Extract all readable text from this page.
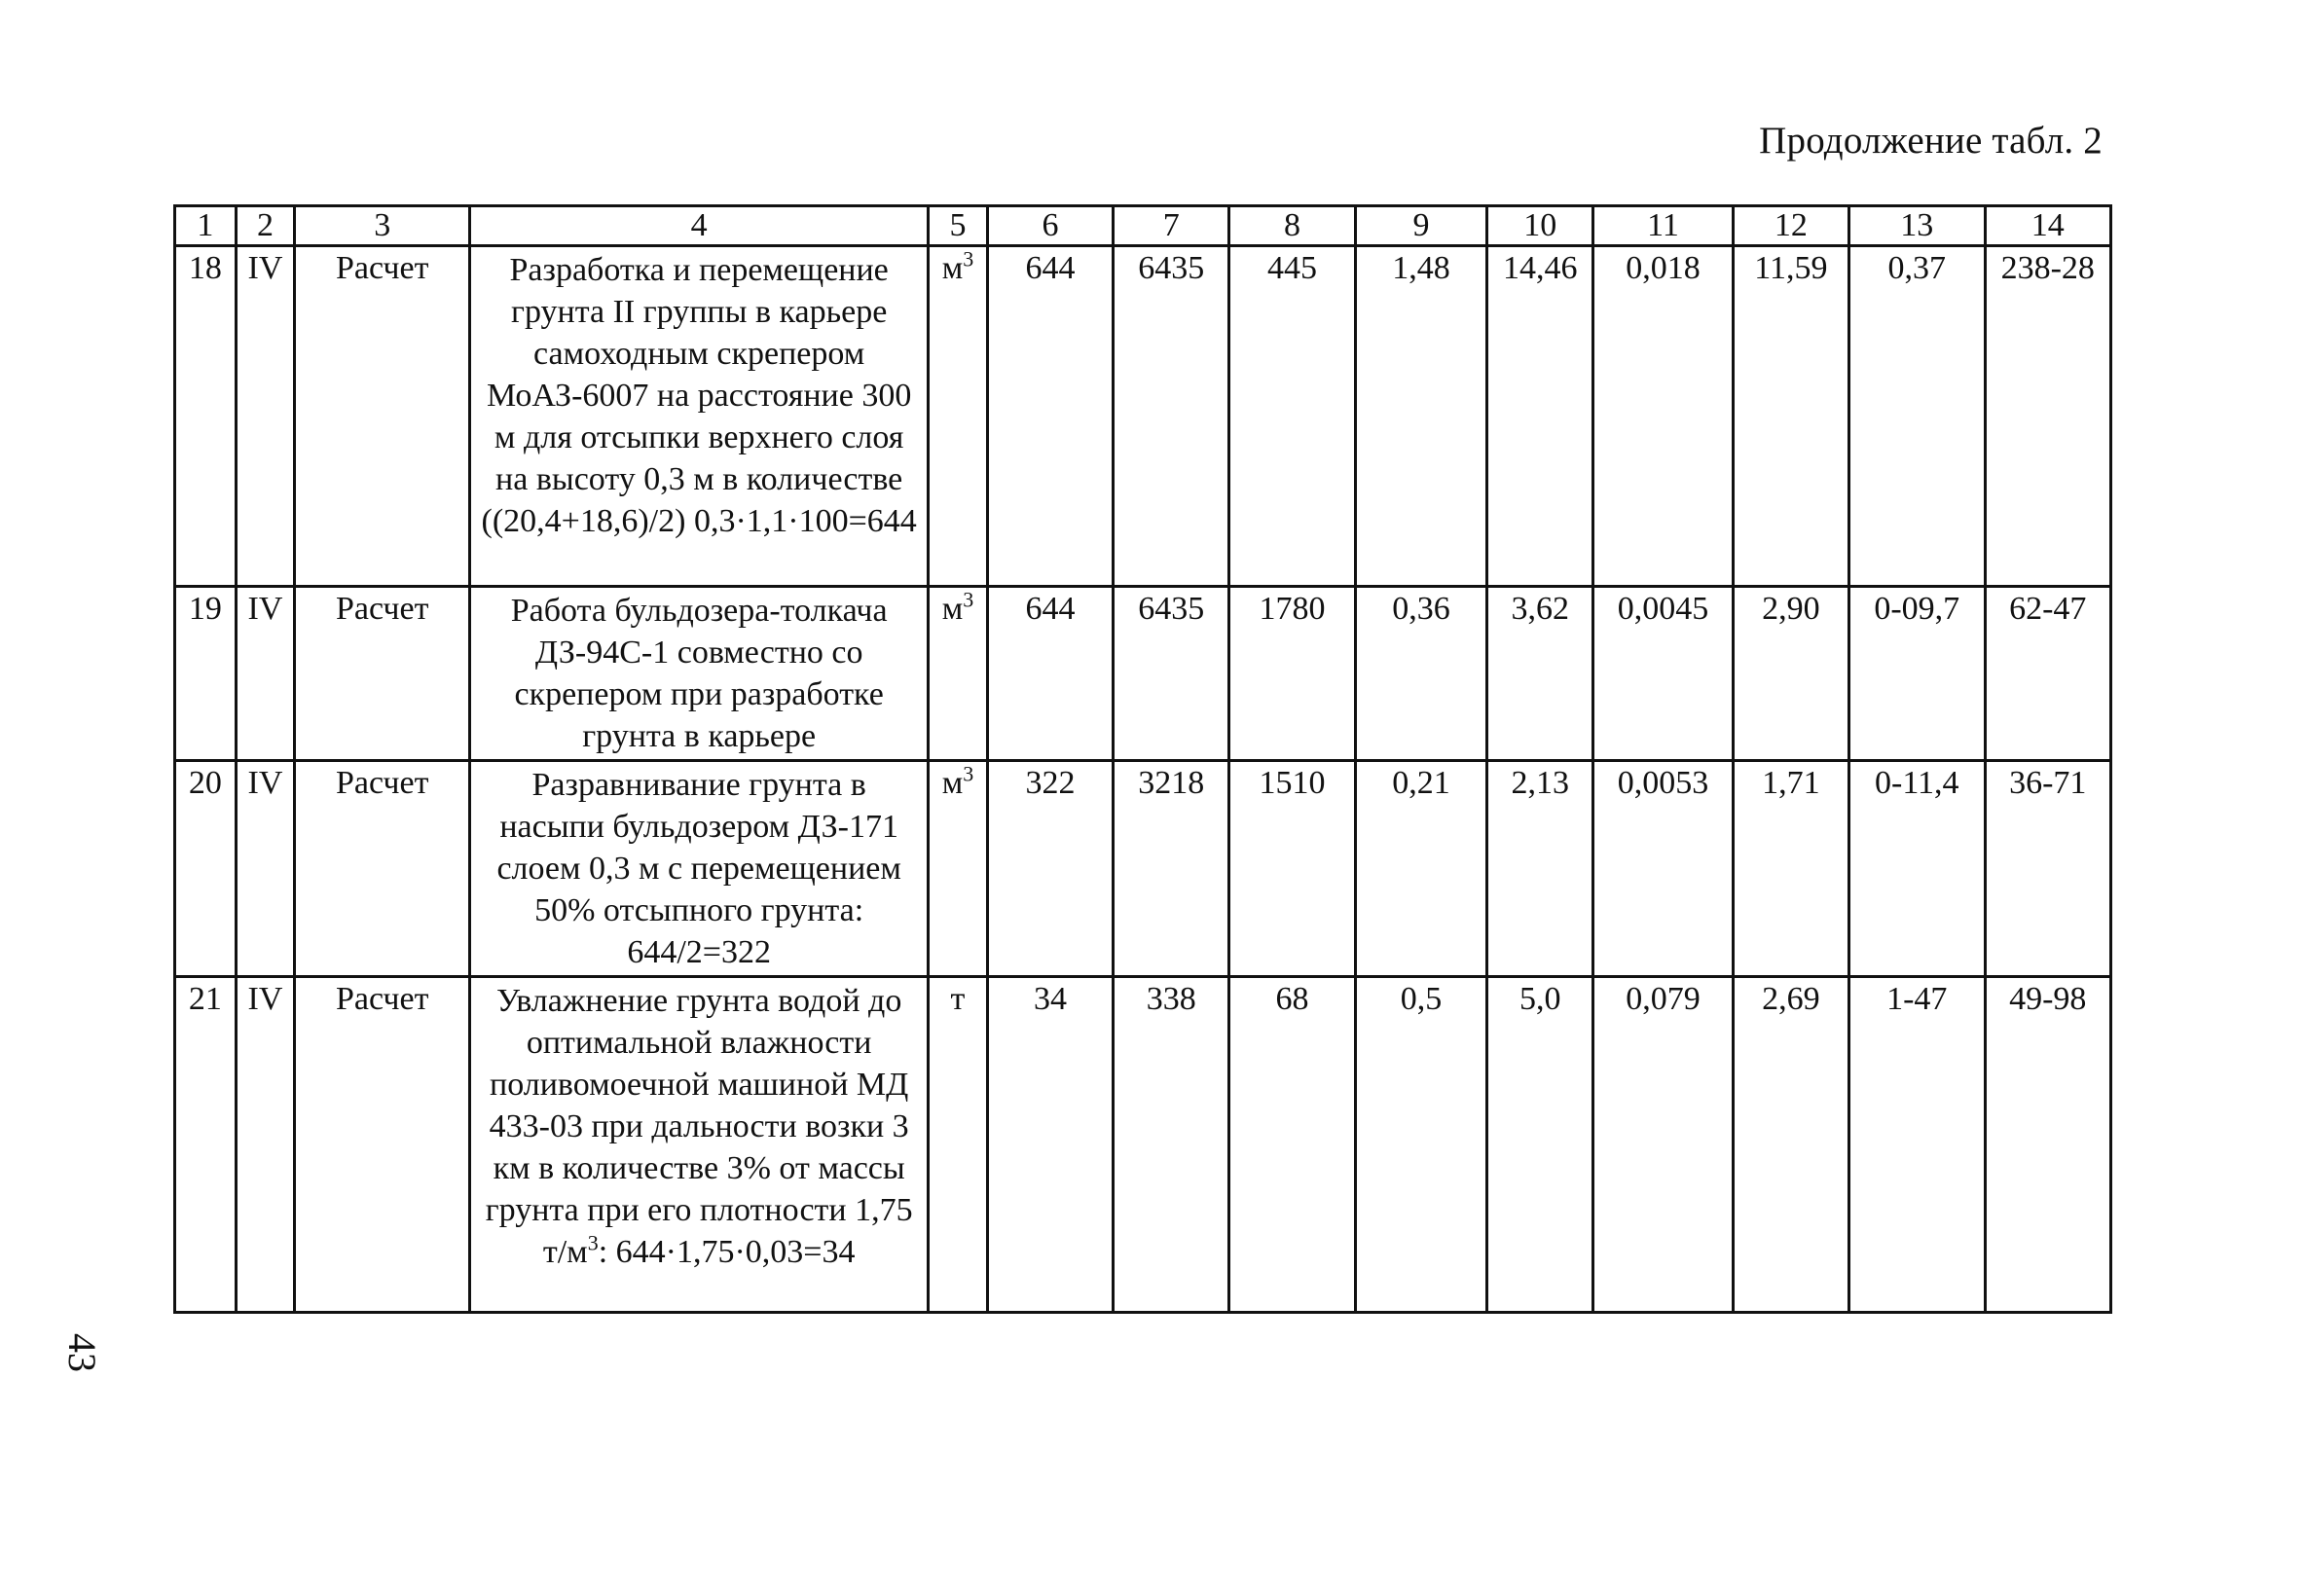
Продолжение табл. 2
1	2	3	4	5	6	7	8	9	10	11	12	13	14
18	IV	Расчет	Разработка и перемещение грунта II группы в карьере самоходным скрепером МоАЗ-6007 на расстояние 300 м для отсыпки верхнего слоя на высоту 0,3 м в количестве ((20,4+18,6)/2) 0,3·1,1·100=644	$м^3$	644	6435	445	1,48	14,46	0,018	11,59	0,37	238-28
19	IV	Расчет	Работа бульдозера-толкача ДЗ-94С-1 совместно со скрепером при разработке грунта в карьере	$м^3$	644	6435	1780	0,36	3,62	0,0045	2,90	0-09,7	62-47
20	IV	Расчет	Разравнивание грунта в насыпи бульдозером ДЗ-171 слоем 0,3 м с перемещением 50% отсыпного грунта: 644/2=322	$м^3$	322	3218	1510	0,21	2,13	0,0053	1,71	0-11,4	36-71
21	IV	Расчет	Увлажнение грунта водой до оптимальной влажности поливомоечной машиной МД 433-03 при дальности возки 3 км в количестве 3% от массы грунта при его плотности 1,75 $т/м^3$: 644·1,75·0,03=34	т	34	338	68	0,5	5,0	0,079	2,69	1-47	49-98
43
